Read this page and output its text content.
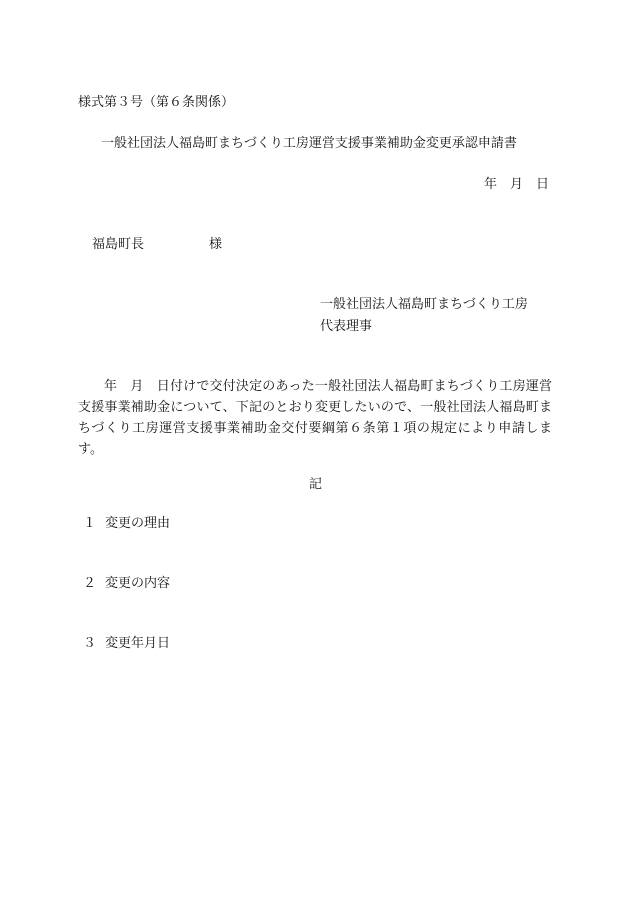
様式第３号（第６条関係）
一般社団法人福島町まちづくり工房運営支援事業補助金変更承認申請書
年　月　日
福島町長　　　　　様
一般社団法人福島町まちづくり工房
代表理事
年　月　日付けで交付決定のあった一般社団法人福島町まちづくり工房運営支援事業補助金について、下記のとおり変更したいので、一般社団法人福島町まちづくり工房運営支援事業補助金交付要綱第６条第１項の規定により申請します。
記
１ 変更の理由
２ 変更の内容
３ 変更年月日
